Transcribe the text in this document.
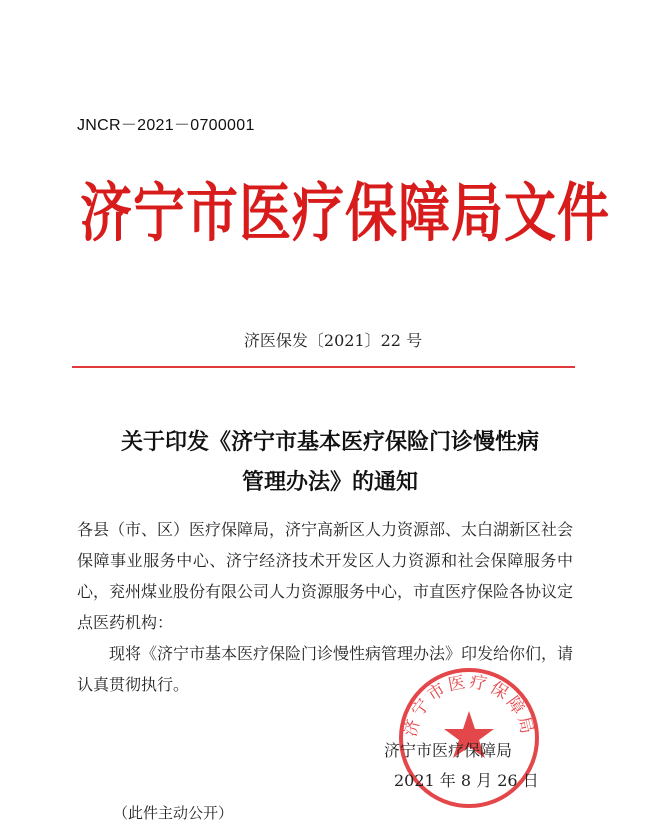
JNCR－2021－0700001
济宁市医疗保障局文件
济医保发〔2021〕22 号
关于印发《济宁市基本医疗保险门诊慢性病
管理办法》的通知

各县（市、区）医疗保障局，济宁高新区人力资源部、太白湖新区社会保障事业服务中心、济宁经济技术开发区人力资源和社会保障服务中心，兖州煤业股份有限公司人力资源服务中心，市直医疗保险各协议定点医药机构：

现将《济宁市基本医疗保险门诊慢性病管理办法》印发给你们，请认真贯彻执行。

济宁市医疗保障局
济宁市医疗保障局
2021 年 8 月 26 日
（此件主动公开）
